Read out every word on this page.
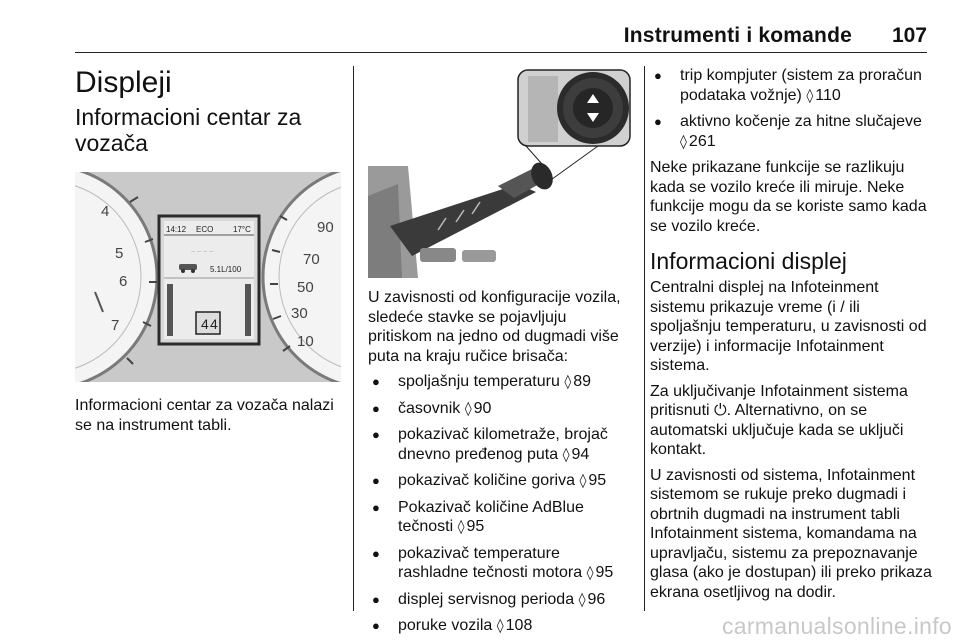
Instrumenti i komande 107
Displeji
Informacioni centar za
vozača
4
5
6
7
90
70
50
30
10
14:12 ECO 17°C
~ ~ ~ ~
5.1L/100
4 4

Informacioni centar za vozača nalazi se na instrument tabli.

U zavisnosti od konfiguracije vozila, sledeće stavke se pojavljuju pritiskom na jedno od dugmadi više puta na kraju ručice brisača:

● spoljašnju temperaturu ◊ 89
● časovnik ◊ 90
● pokazivač kilometraže, brojač dnevno pređenog puta ◊ 94
● pokazivač količine goriva ◊ 95
● Pokazivač količine AdBlue tečnosti ◊ 95
● pokazivač temperature rashladne tečnosti motora ◊ 95
● displej servisnog perioda ◊ 96
● poruke vozila ◊ 108
● trip kompjuter (sistem za proračun podataka vožnje) ◊ 110
● aktivno kočenje za hitne slučajeve ◊ 261

Neke prikazane funkcije se razlikuju kada se vozilo kreće ili miruje. Neke funkcije mogu da se koriste samo kada se vozilo kreće.

Informacioni displej

Centralni displej na Infoteinment sistemu prikazuje vreme (i / ili spoljašnju temperaturu, u zavisnosti od verzije) i informacije Infotainment sistema.

Za uključivanje Infotainment sistema pritisnuti ⏻. Alternativno, on se automatski uključuje kada se uključi kontakt.

U zavisnosti od sistema, Infotainment sistemom se rukuje preko dugmadi i obrtnih dugmadi na instrument tabli Infotainment sistema, komandama na upravljaču, sistemu za prepoznavanje glasa (ako je dostupan) ili preko prikaza ekrana osetljivog na dodir.

carmanualsonline.info
